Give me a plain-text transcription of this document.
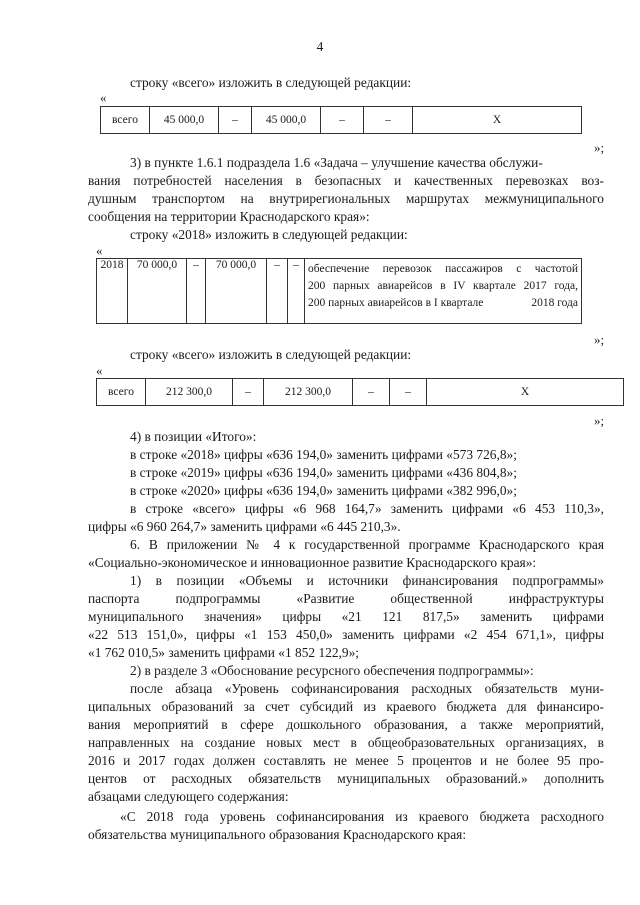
4
строку «всего» изложить в следующей редакции:
«
всего	45 000,0	–	45 000,0	–	–	Х
»;
3) в пункте 1.6.1 подраздела 1.6 «Задача – улучшение качества обслужи-
вания потребностей населения в безопасных и качественных перевозках воз-
душным транспортом на внутрирегиональных маршрутах межмуниципального
сообщения на территории Краснодарского края»:
строку «2018» изложить в следующей редакции:
«
2018	70 000,0	–	70 000,0	–	–	обеспечение перевозок пассажиров с частотой
200 парных авиарейсов в IV квартале 2017 года,
200 парных авиарейсов в I квартале	2018 года
»;
строку «всего» изложить в следующей редакции:
«
всего	212 300,0	–	212 300,0	–	–	Х
»;
4) в позиции «Итого»:
в строке «2018» цифры «636 194,0» заменить цифрами «573 726,8»;
в строке «2019» цифры «636 194,0» заменить цифрами «436 804,8»;
в строке «2020» цифры «636 194,0» заменить цифрами «382 996,0»;
в строке «всего» цифры «6 968 164,7» заменить цифрами «6 453 110,3»,
цифры «6 960 264,7» заменить цифрами «6 445 210,3».
6. В приложении № 4 к государственной программе Краснодарского края
«Социально-экономическое и инновационное развитие Краснодарского края»:
1) в позиции «Объемы и источники финансирования подпрограммы»
паспорта подпрограммы «Развитие общественной инфраструктуры
муниципального значения» цифры «21 121 817,5» заменить цифрами
«22 513 151,0», цифры «1 153 450,0» заменить цифрами «2 454 671,1», цифры
«1 762 010,5» заменить цифрами «1 852 122,9»;
2) в разделе 3 «Обоснование ресурсного обеспечения подпрограммы»:
после абзаца «Уровень софинансирования расходных обязательств муни-
ципальных образований за счет субсидий из краевого бюджета для финансиро-
вания мероприятий в сфере дошкольного образования, а также мероприятий,
направленных на создание новых мест в общеобразовательных организациях, в
2016 и 2017 годах должен составлять не менее 5 процентов и не более 95 про-
центов от расходных обязательств муниципальных образований.» дополнить
абзацами следующего содержания:
«С 2018 года уровень софинансирования из краевого бюджета расходного
обязательства муниципального образования Краснодарского края:
